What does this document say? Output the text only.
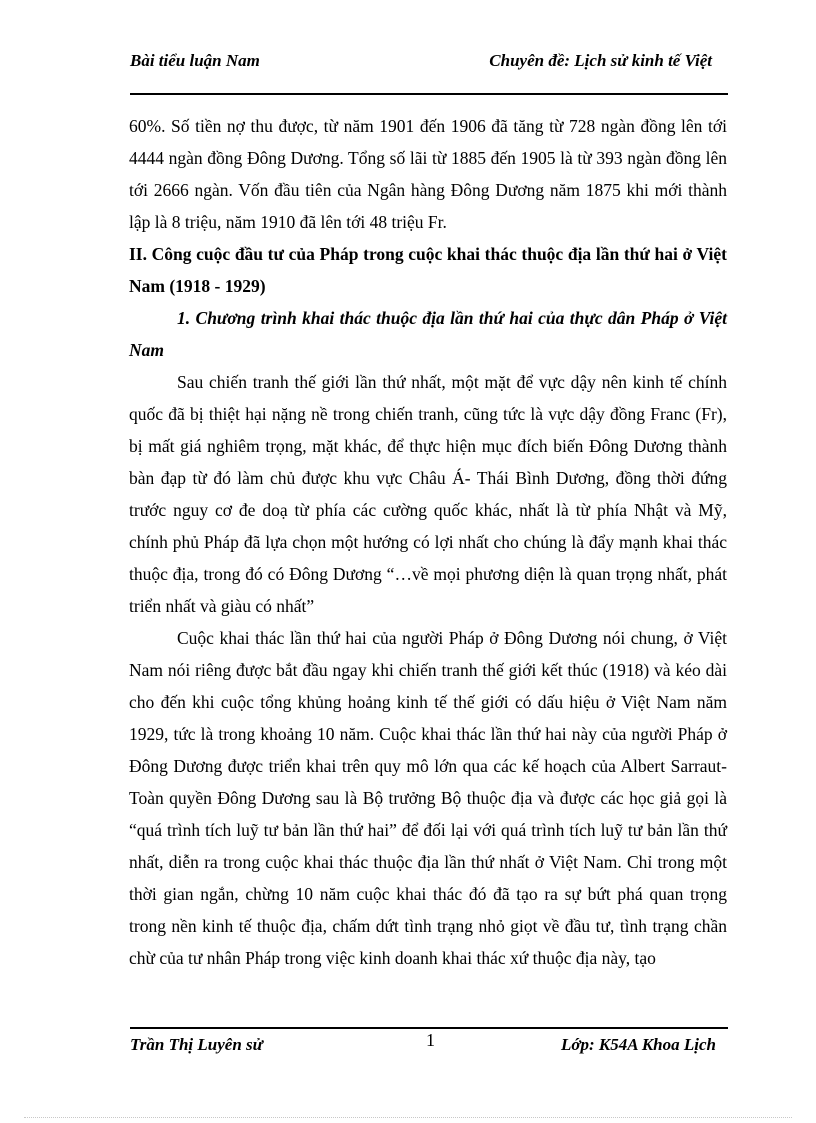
Bài tiểu luận Nam	Chuyên đề: Lịch sử kinh tế Việt

60%. Số tiền nợ thu được, từ năm 1901 đến 1906 đã tăng từ 728 ngàn đồng lên tới 4444 ngàn đồng Đông Dương. Tổng số lãi từ 1885 đến 1905 là từ 393 ngàn đồng lên tới 2666 ngàn. Vốn đầu tiên của Ngân hàng Đông Dương năm 1875 khi mới thành lập là 8 triệu, năm 1910 đã lên tới 48 triệu Fr.

II. Công cuộc đầu tư của Pháp trong cuộc khai thác thuộc địa lần thứ hai ở Việt Nam (1918 - 1929)

1. Chương trình khai thác thuộc địa lần thứ hai của thực dân Pháp ở Việt Nam

Sau chiến tranh thế giới lần thứ nhất, một mặt để vực dậy nên kinh tế chính quốc đã bị thiệt hại nặng nề trong chiến tranh, cũng tức là vực dậy đồng Franc (Fr), bị mất giá nghiêm trọng, mặt khác, để thực hiện mục đích biến Đông Dương thành bàn đạp từ đó làm chủ được khu vực Châu Á- Thái Bình Dương, đồng thời đứng trước nguy cơ đe doạ từ phía các cường quốc khác, nhất là từ phía Nhật và Mỹ, chính phủ Pháp đã lựa chọn một hướng có lợi nhất cho chúng là đẩy mạnh khai thác thuộc địa, trong đó có Đông Dương “…về mọi phương diện là quan trọng nhất, phát triển nhất và giàu có nhất”

Cuộc khai thác lần thứ hai của người Pháp ở Đông Dương nói chung, ở Việt Nam nói riêng được bắt đầu ngay khi chiến tranh thế giới kết thúc (1918) và kéo dài cho đến khi cuộc tổng khủng hoảng kinh tế thế giới có dấu hiệu ở Việt Nam năm 1929, tức là trong khoảng 10 năm. Cuộc khai thác lần thứ hai này của người Pháp ở Đông Dương được triển khai trên quy mô lớn qua các kế hoạch của Albert Sarraut- Toàn quyền Đông Dương sau là Bộ trưởng Bộ thuộc địa và được các học giả gọi là “quá trình tích luỹ tư bản lần thứ hai” để đối lại với quá trình tích luỹ tư bản lần thứ nhất, diễn ra trong cuộc khai thác thuộc địa lần thứ nhất ở Việt Nam. Chỉ trong một thời gian ngắn, chừng 10 năm cuộc khai thác đó đã tạo ra sự bứt phá quan trọng trong nền kinh tế thuộc địa, chấm dứt tình trạng nhỏ giọt về đầu tư, tình trạng chần chừ của tư nhân Pháp trong việc kinh doanh khai thác xứ thuộc địa này, tạo

Trần Thị Luyên sử	1	Lớp: K54A Khoa Lịch
